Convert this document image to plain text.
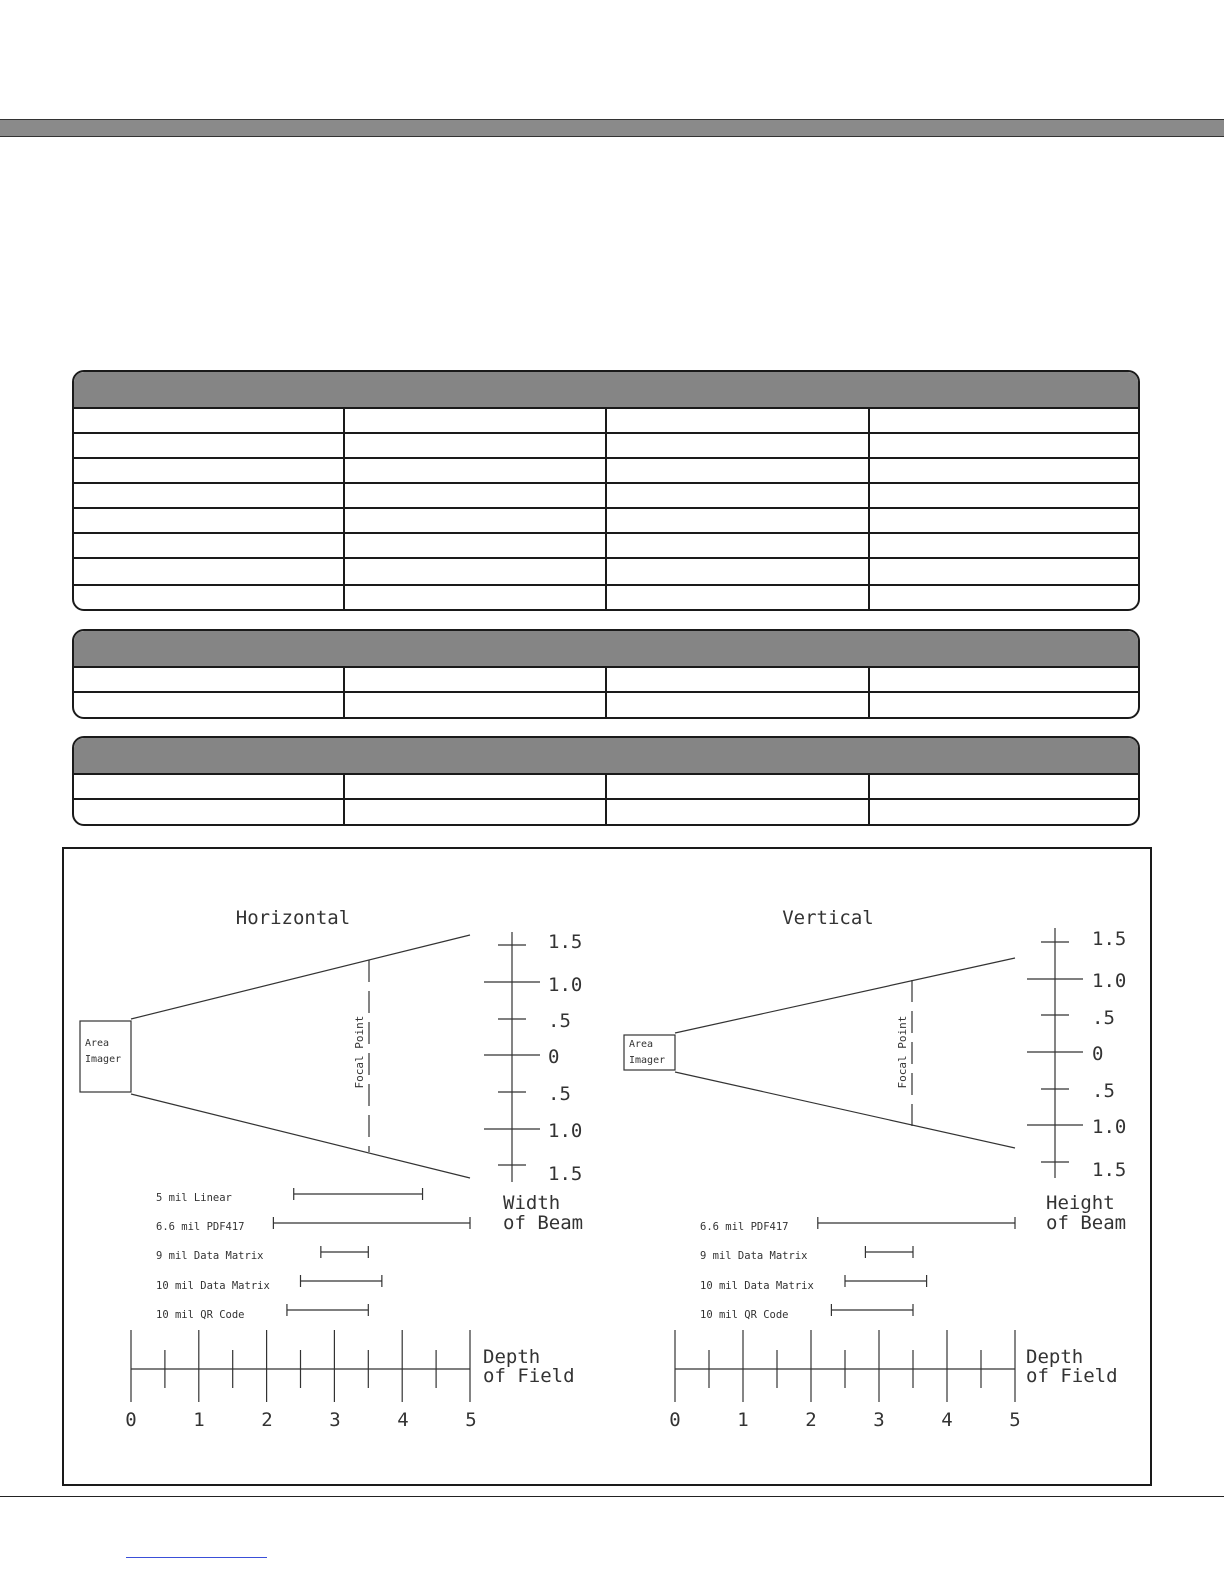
Horizontal
Area
Imager	Focal Point
1.5
1.0
.5
0
.5
1.0
1.5
Width
of Beam
Depth
of Field
0	1	2	3	4	5
5 mil Linear
6.6 mil PDF417
9 mil Data Matrix
10 mil Data Matrix
10 mil QR Code
Vertical
Area
Imager	Focal Point
1.5
1.0
.5
0
.5
1.0
1.5
Height
of Beam
Depth
of Field
0	1	2	3	4	5
6.6 mil PDF417
9 mil Data Matrix
10 mil Data Matrix
10 mil QR Code
